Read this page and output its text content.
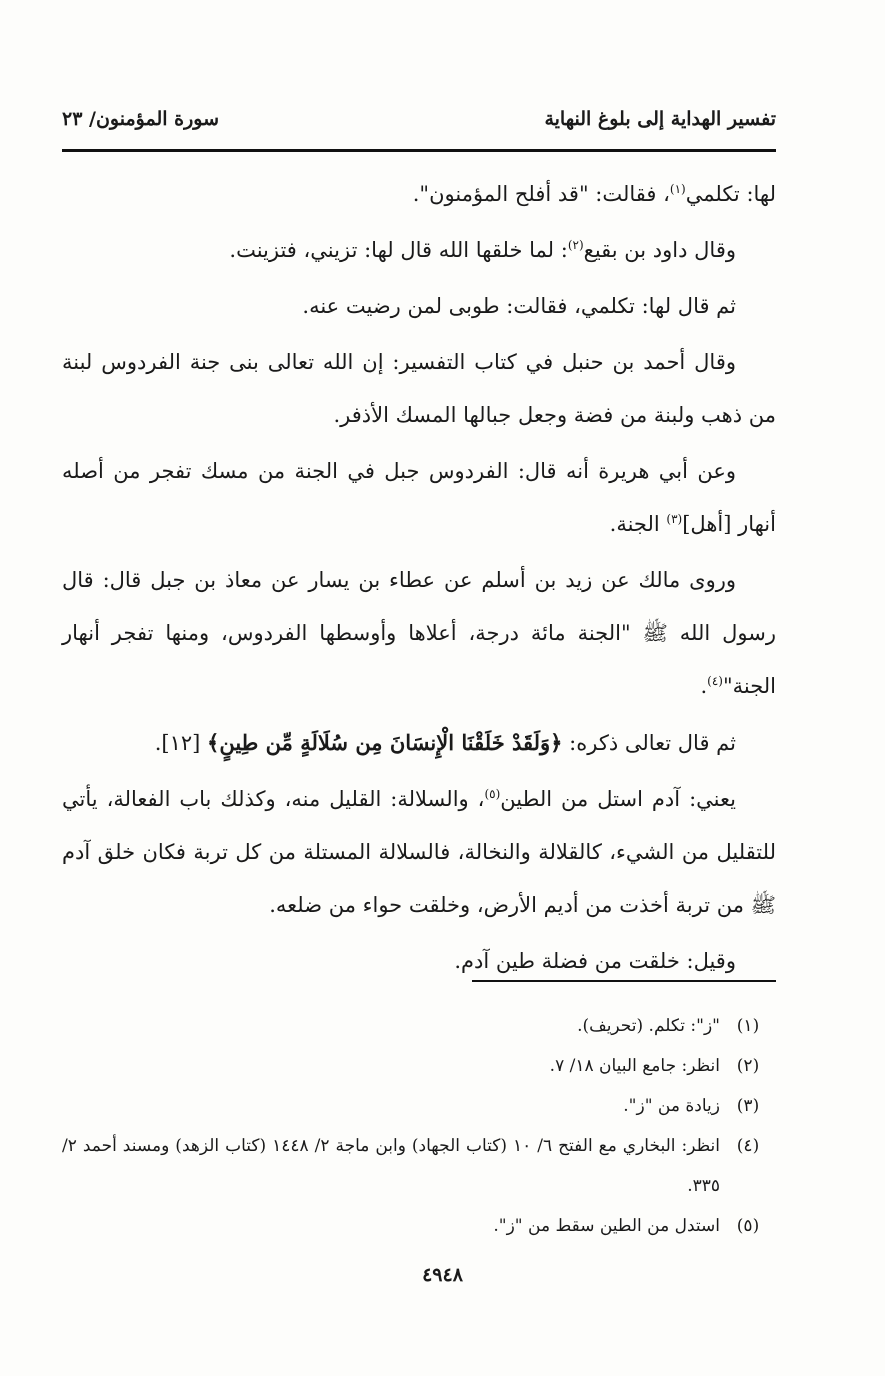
تفسير الهداية إلى بلوغ النهاية
سورة المؤمنون/ ٢٣

لها: تكلمي$^{(١)}$، فقالت: "قد أفلح المؤمنون".

وقال داود بن بقيع$^{(٢)}$: لما خلقها الله قال لها: تزيني، فتزينت.

ثم قال لها: تكلمي، فقالت: طوبى لمن رضيت عنه.

وقال أحمد بن حنبل في كتاب التفسير: إن الله تعالى بنى جنة الفردوس لبنة من ذهب ولبنة من فضة وجعل جبالها المسك الأذفر.

وعن أبي هريرة أنه قال: الفردوس جبل في الجنة من مسك تفجر من أصله أنهار [أهل]$^{(٣)}$ الجنة.

وروى مالك عن زيد بن أسلم عن عطاء بن يسار عن معاذ بن جبل قال: قال رسول الله ﷺ "الجنة مائة درجة، أعلاها وأوسطها الفردوس، ومنها تفجر أنهار الجنة"$^{(٤)}$.

ثم قال تعالى ذكره: ﴿وَلَقَدْ خَلَقْنَا الْإِنسَانَ مِن سُلَالَةٍ مِّن طِينٍ﴾ [١٢].

يعني: آدم استل من الطين$^{(٥)}$، والسلالة: القليل منه، وكذلك باب الفعالة، يأتي للتقليل من الشيء، كالقلالة والنخالة، فالسلالة المستلة من كل تربة فكان خلق آدم ﷺ من تربة أخذت من أديم الأرض، وخلقت حواء من ضلعه.

وقيل: خلقت من فضلة طين آدم.

(١)
"ز": تكلم. (تحريف).
(٢)
انظر: جامع البيان ١٨/ ٧.
(٣)
زيادة من "ز".
(٤)
انظر: البخاري مع الفتح ٦/ ١٠ (كتاب الجهاد) وابن ماجة ٢/ ١٤٤٨ (كتاب الزهد) ومسند أحمد ٢/ ٣٣٥.
(٥)
استدل من الطين سقط من "ز".
٤٩٤٨
